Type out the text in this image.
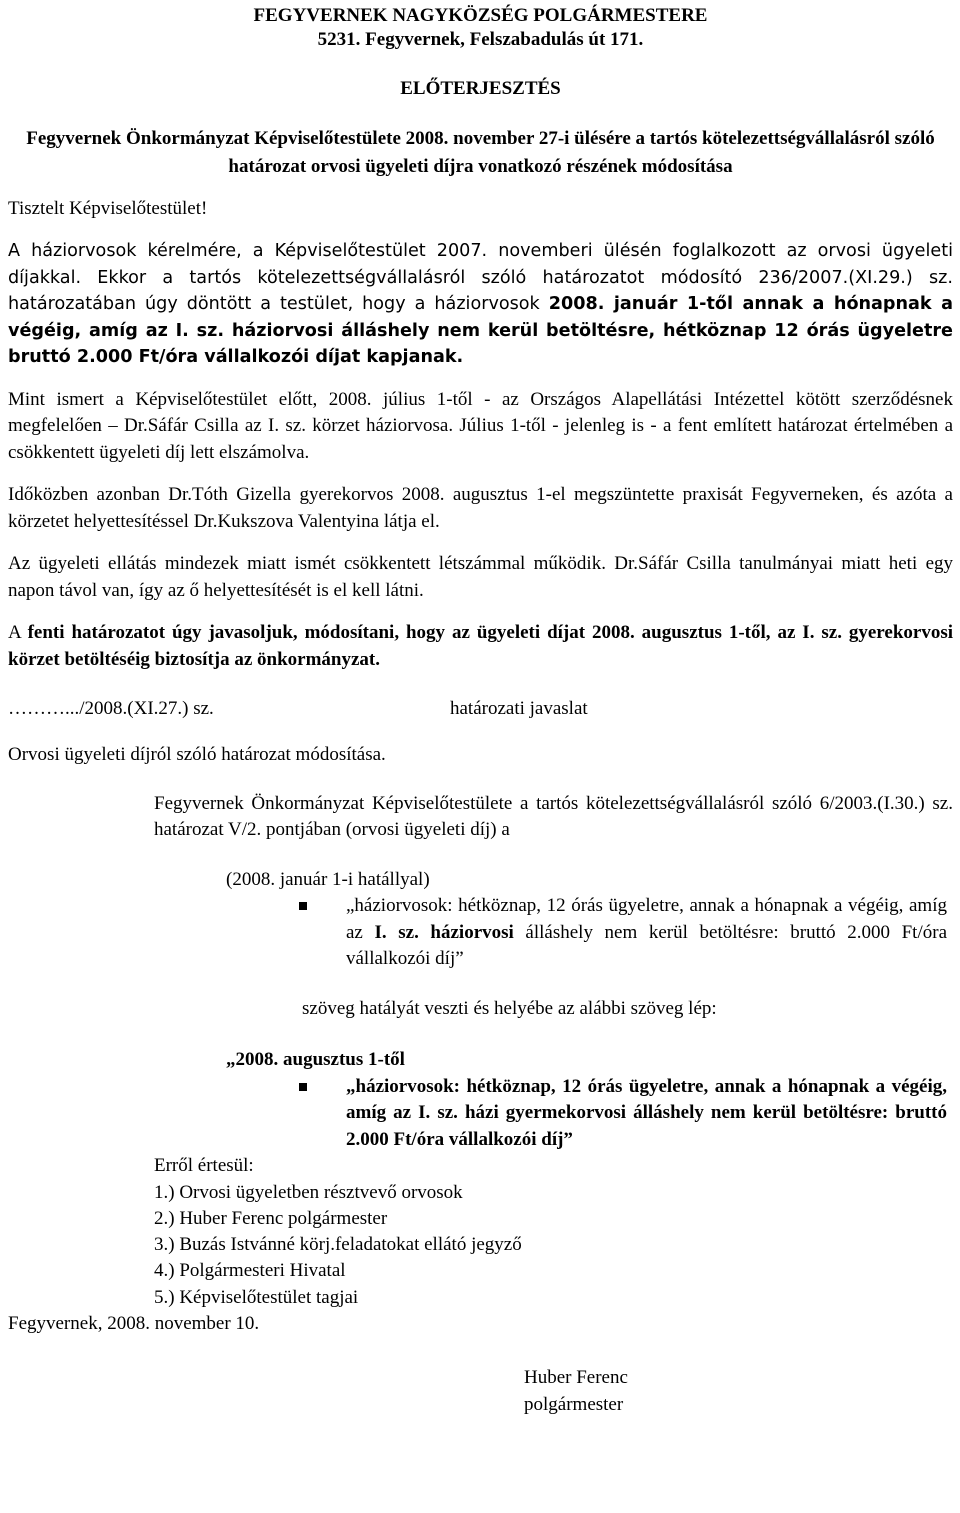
FEGYVERNEK NAGYKÖZSÉG POLGÁRMESTERE
5231. Fegyvernek, Felszabadulás út 171.
ELŐTERJESZTÉS
Fegyvernek Önkormányzat Képviselőtestülete 2008. november 27-i ülésére a tartós kötelezettségvállalásról szóló határozat orvosi ügyeleti díjra vonatkozó részének módosítása

Tisztelt Képviselőtestület!

A háziorvosok kérelmére, a Képviselőtestület 2007. novemberi ülésén foglalkozott az orvosi ügyeleti díjakkal. Ekkor a tartós kötelezettségvállalásról szóló határozatot módosító 236/2007.(XI.29.) sz. határozatában úgy döntött a testület, hogy a háziorvosok 2008. január 1-től annak a hónapnak a végéig, amíg az I. sz. háziorvosi álláshely nem kerül betöltésre, hétköznap 12 órás ügyeletre bruttó 2.000 Ft/óra vállalkozói díjat kapjanak.

Mint ismert a Képviselőtestület előtt, 2008. július 1-től - az Országos Alapellátási Intézettel kötött szerződésnek megfelelően – Dr.Sáfár Csilla az I. sz. körzet háziorvosa. Július 1-től - jelenleg is - a fent említett határozat értelmében a csökkentett ügyeleti díj lett elszámolva.

Időközben azonban Dr.Tóth Gizella gyerekorvos 2008. augusztus 1-el megszüntette praxisát Fegyverneken, és azóta a körzetet helyettesítéssel Dr.Kukszova Valentyina látja el.

Az ügyeleti ellátás mindezek miatt ismét csökkentett létszámmal működik. Dr.Sáfár Csilla tanulmányai miatt heti egy napon távol van, így az ő helyettesítését is el kell látni.

A fenti határozatot úgy javasoljuk, módosítani, hogy az ügyeleti díjat 2008. augusztus 1-től, az I. sz. gyerekorvosi körzet betöltéséig biztosítja az önkormányzat.

……….../2008.(XI.27.) sz.	határozati javaslat

Orvosi ügyeleti díjról szóló határozat módosítása.

Fegyvernek Önkormányzat Képviselőtestülete a tartós kötelezettségvállalásról szóló 6/2003.(I.30.) sz. határozat V/2. pontjában (orvosi ügyeleti díj) a

(2008. január 1-i hatállyal)

„háziorvosok: hétköznap, 12 órás ügyeletre, annak a hónapnak a végéig, amíg az I. sz. háziorvosi álláshely nem kerül betöltésre: bruttó 2.000 Ft/óra vállalkozói díj”

szöveg hatályát veszti és helyébe az alábbi szöveg lép:

„2008. augusztus 1-től

„háziorvosok: hétköznap, 12 órás ügyeletre, annak a hónapnak a végéig, amíg az I. sz. házi gyermekorvosi álláshely nem kerül betöltésre: bruttó 2.000 Ft/óra vállalkozói díj”

Erről értesül:

1.) Orvosi ügyeletben résztvevő orvosok
2.) Huber Ferenc polgármester
3.) Buzás Istvánné körj.feladatokat ellátó jegyző
4.) Polgármesteri Hivatal
5.) Képviselőtestület tagjai

Fegyvernek, 2008. november 10.

Huber Ferenc
polgármester
